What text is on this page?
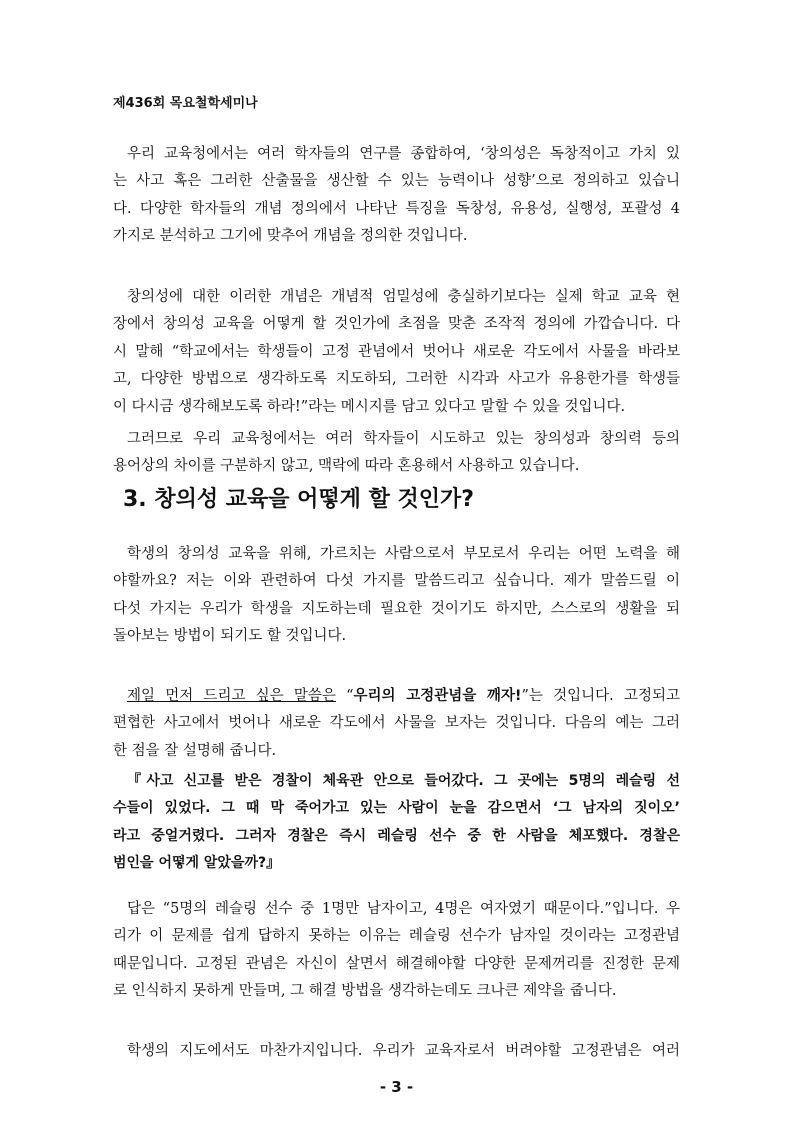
제436회 목요철학세미나
우리 교육청에서는 여러 학자들의 연구를 종합하여, ‘창의성은 독창적이고 가치 있
는 사고 혹은 그러한 산출물을 생산할 수 있는 능력이나 성향’으로 정의하고 있습니
다. 다양한 학자들의 개념 정의에서 나타난 특징을 독창성, 유용성, 실행성, 포괄성 4
가지로 분석하고 그기에 맞추어 개념을 정의한 것입니다.
창의성에 대한 이러한 개념은 개념적 엄밀성에 충실하기보다는 실제 학교 교육 현
장에서 창의성 교육을 어떻게 할 것인가에 초점을 맞춘 조작적 정의에 가깝습니다. 다
시 말해 “학교에서는 학생들이 고정 관념에서 벗어나 새로운 각도에서 사물을 바라보
고, 다양한 방법으로 생각하도록 지도하되, 그러한 시각과 사고가 유용한가를 학생들
이 다시금 생각해보도록 하라!”라는 메시지를 담고 있다고 말할 수 있을 것입니다.
그러므로 우리 교육청에서는 여러 학자들이 시도하고 있는 창의성과 창의력 등의
용어상의 차이를 구분하지 않고, 맥락에 따라 혼용해서 사용하고 있습니다.
3. 창의성 교육을 어떻게 할 것인가?
학생의 창의성 교육을 위해, 가르치는 사람으로서 부모로서 우리는 어떤 노력을 해
야할까요? 저는 이와 관련하여 다섯 가지를 말씀드리고 싶습니다. 제가 말씀드릴 이
다섯 가지는 우리가 학생을 지도하는데 필요한 것이기도 하지만, 스스로의 생활을 되
돌아보는 방법이 되기도 할 것입니다.
제일 먼저 드리고 싶은 말씀은 “우리의 고정관념을 깨자!”는 것입니다. 고정되고
편협한 사고에서 벗어나 새로운 각도에서 사물을 보자는 것입니다. 다음의 예는 그러
한 점을 잘 설명해 줍니다.
『사고 신고를 받은 경찰이 체육관 안으로 들어갔다. 그 곳에는 5명의 레슬링 선
수들이 있었다. 그 때 막 죽어가고 있는 사람이 눈을 감으면서 ‘그 남자의 짓이오’
라고 중얼거렸다. 그러자 경찰은 즉시 레슬링 선수 중 한 사람을 체포했다. 경찰은
범인을 어떻게 알았을까?』
답은 “5명의 레슬링 선수 중 1명만 남자이고, 4명은 여자였기 때문이다.”입니다. 우
리가 이 문제를 쉽게 답하지 못하는 이유는 레슬링 선수가 남자일 것이라는 고정관념
때문입니다. 고정된 관념은 자신이 살면서 해결해야할 다양한 문제꺼리를 진정한 문제
로 인식하지 못하게 만들며, 그 해결 방법을 생각하는데도 크나큰 제약을 줍니다.
학생의 지도에서도 마찬가지입니다. 우리가 교육자로서 버려야할 고정관념은 여러
- 3 -
